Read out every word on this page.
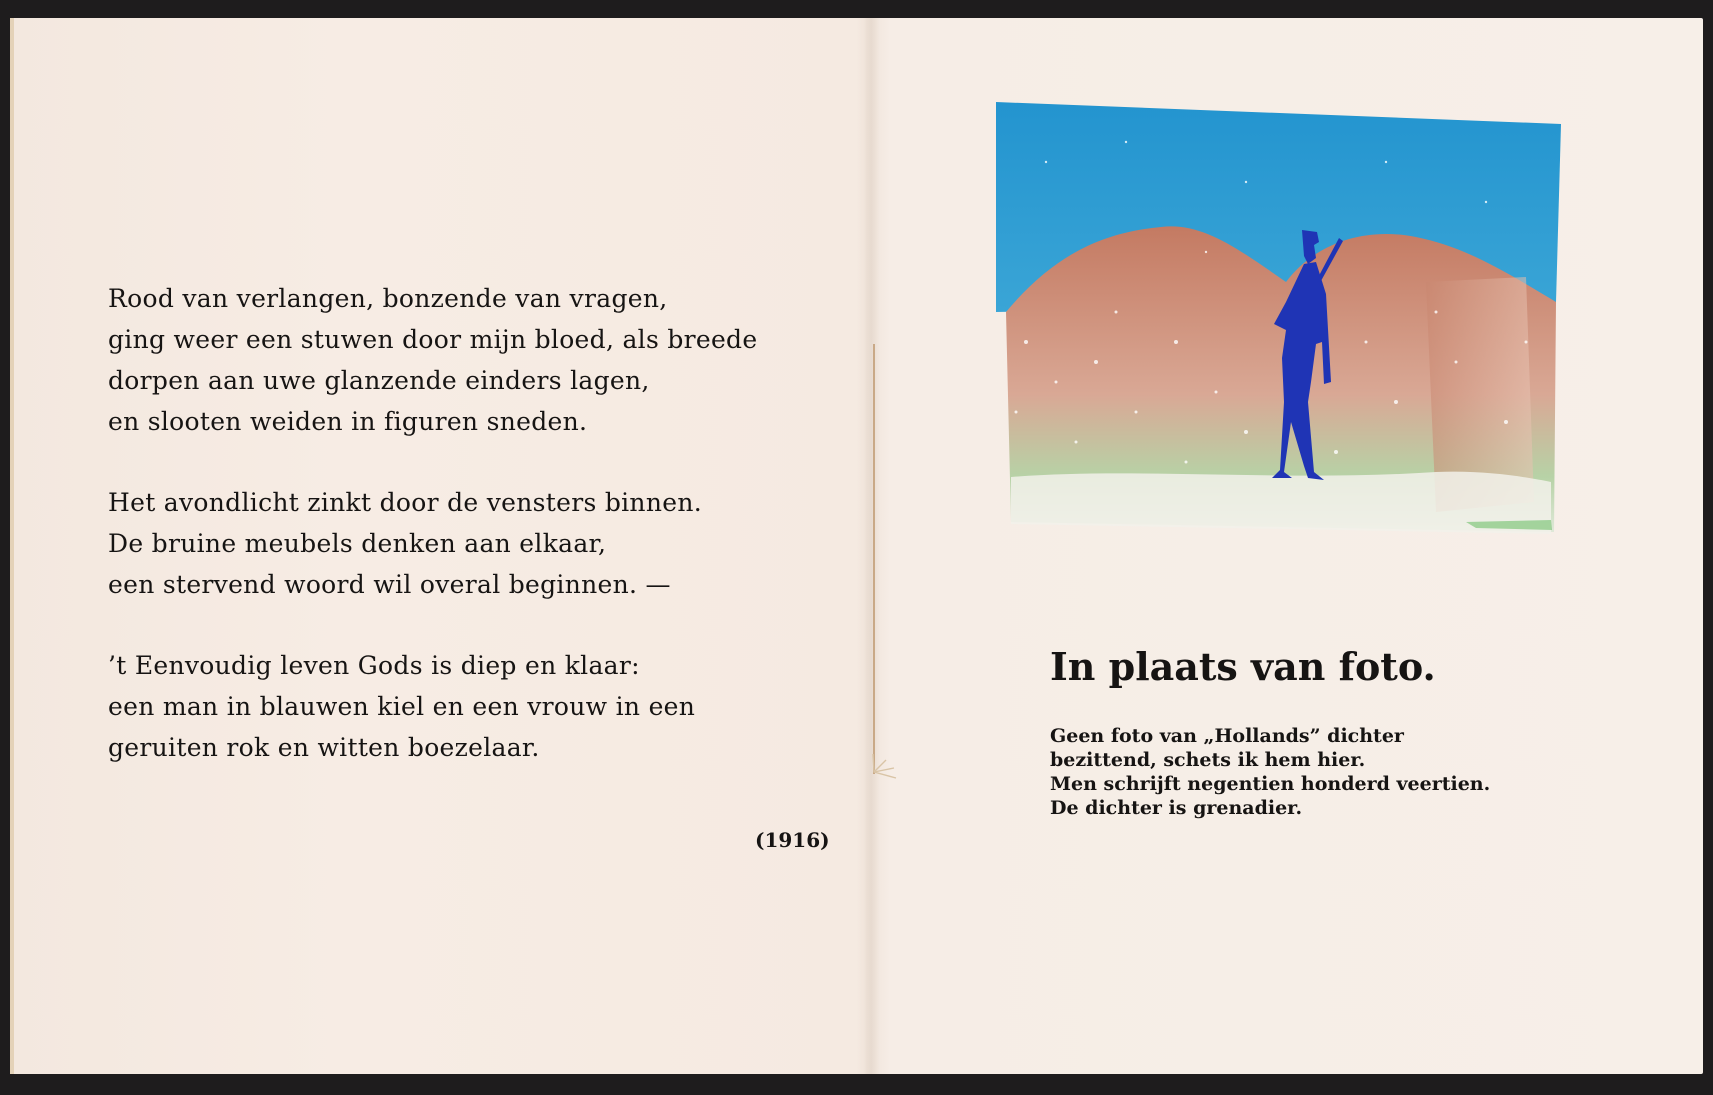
Rood van verlangen, bonzende van vragen,
ging weer een stuwen door mijn bloed, als breede
dorpen aan uwe glanzende einders lagen,
en slooten weiden in figuren sneden.
Het avondlicht zinkt door de vensters binnen.
De bruine meubels denken aan elkaar,
een stervend woord wil overal beginnen. —
’t Eenvoudig leven Gods is diep en klaar:
een man in blauwen kiel en een vrouw in een
geruiten rok en witten boezelaar.
(1916)
In plaats van foto.
Geen foto van „Hollands” dichter
bezittend, schets ik hem hier.
Men schrijft negentien honderd veertien.
De dichter is grenadier.
